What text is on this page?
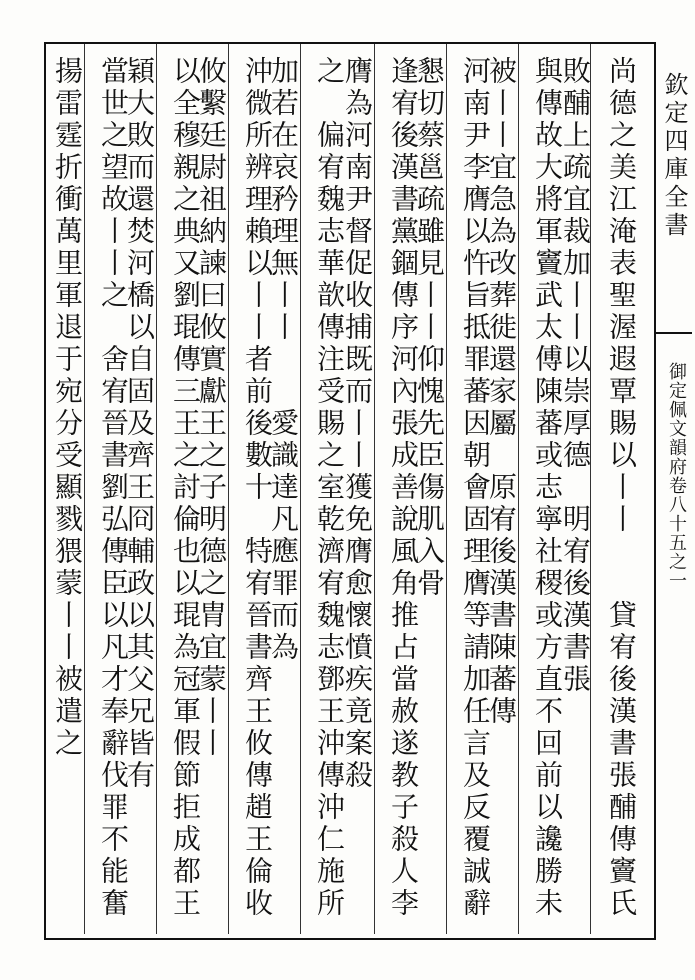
欽定四庫全書
御定佩文韻府卷八十五之一
尚德之美江淹表聖渥遐覃賜以丨丨　　貸宥後漢書張酺傳竇氏敗酺上疏宜裁加丨丨以崇厚德　明宥後漢書張
與傳故大將軍竇武太傅陳蕃或志寧社稷或方直不回前以讒勝未被丨丨宜急為改葬徙還家屬　原宥後漢書陳蕃傳
河南尹李膺以忤旨抵罪蕃因朝會固理膺等請加任言及反覆誠辭懇切蔡邕疏雖見丨丨仰愧先臣傷肌入骨
逢宥後漢書黨錮傳序河內張成善說風角推占當赦遂教子殺人李膺為河南尹督促收捕既而丨丨獲免膺愈懷憤疾竟案殺
之　偏宥魏志華歆傳注受賜之室乾濟宥魏志鄧王沖傳沖仁施所加若在哀矜理無丨丨　　愛識達凡應罪而為
沖微所辨理賴以丨丨者前後數十　特宥晉書齊王攸傳趙王倫收攸繫廷尉祖納諫曰攸實獻王之子明德之胄宜蒙丨丨
以全穆親之典又劉琨傳三王之討倫也以琨為冠軍假節拒成都王穎大敗而還焚河橋以自固及齊王冏輔政以其父兄皆有
當世之望故丨丨之　舍宥晉書劉弘傳臣以凡才奉辭伐罪不能奮揚雷霆折衝萬里軍退于宛分受顯戮猥蒙丨丨被遣之
